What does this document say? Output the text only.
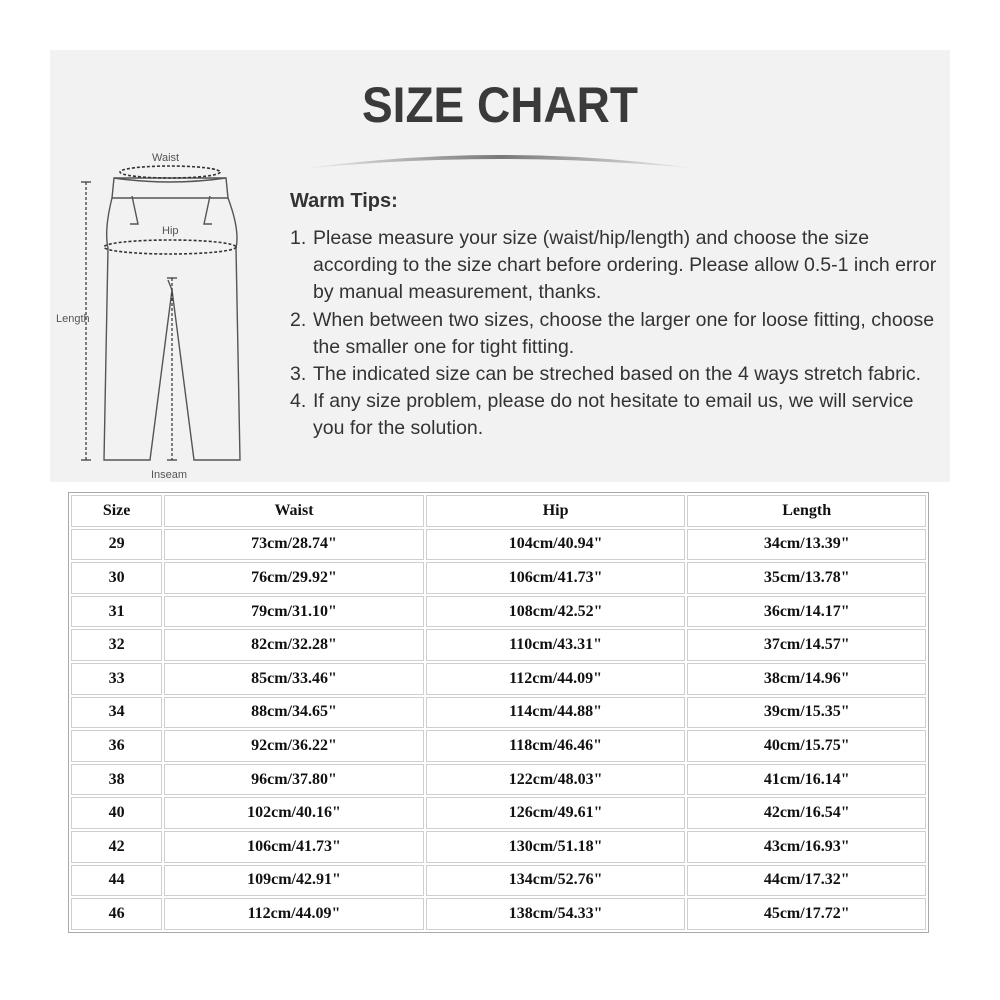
SIZE CHART
Waist
Hip
Length
Inseam
Warm Tips:
1. Please measure your size (waist/hip/length) and choose the size according to the size chart before ordering. Please allow 0.5-1 inch error by manual measurement, thanks.
2. When between two sizes, choose the larger one for loose fitting, choose the smaller one for tight fitting.
3. The indicated size can be streched based on the 4 ways stretch fabric.
4. If any size problem, please do not hesitate to email us, we will service you for the solution.
Size	Waist	Hip	Length
29	73cm/28.74"	104cm/40.94"	34cm/13.39"
30	76cm/29.92"	106cm/41.73"	35cm/13.78"
31	79cm/31.10"	108cm/42.52"	36cm/14.17"
32	82cm/32.28"	110cm/43.31"	37cm/14.57"
33	85cm/33.46"	112cm/44.09"	38cm/14.96"
34	88cm/34.65"	114cm/44.88"	39cm/15.35"
36	92cm/36.22"	118cm/46.46"	40cm/15.75"
38	96cm/37.80"	122cm/48.03"	41cm/16.14"
40	102cm/40.16"	126cm/49.61"	42cm/16.54"
42	106cm/41.73"	130cm/51.18"	43cm/16.93"
44	109cm/42.91"	134cm/52.76"	44cm/17.32"
46	112cm/44.09"	138cm/54.33"	45cm/17.72"
